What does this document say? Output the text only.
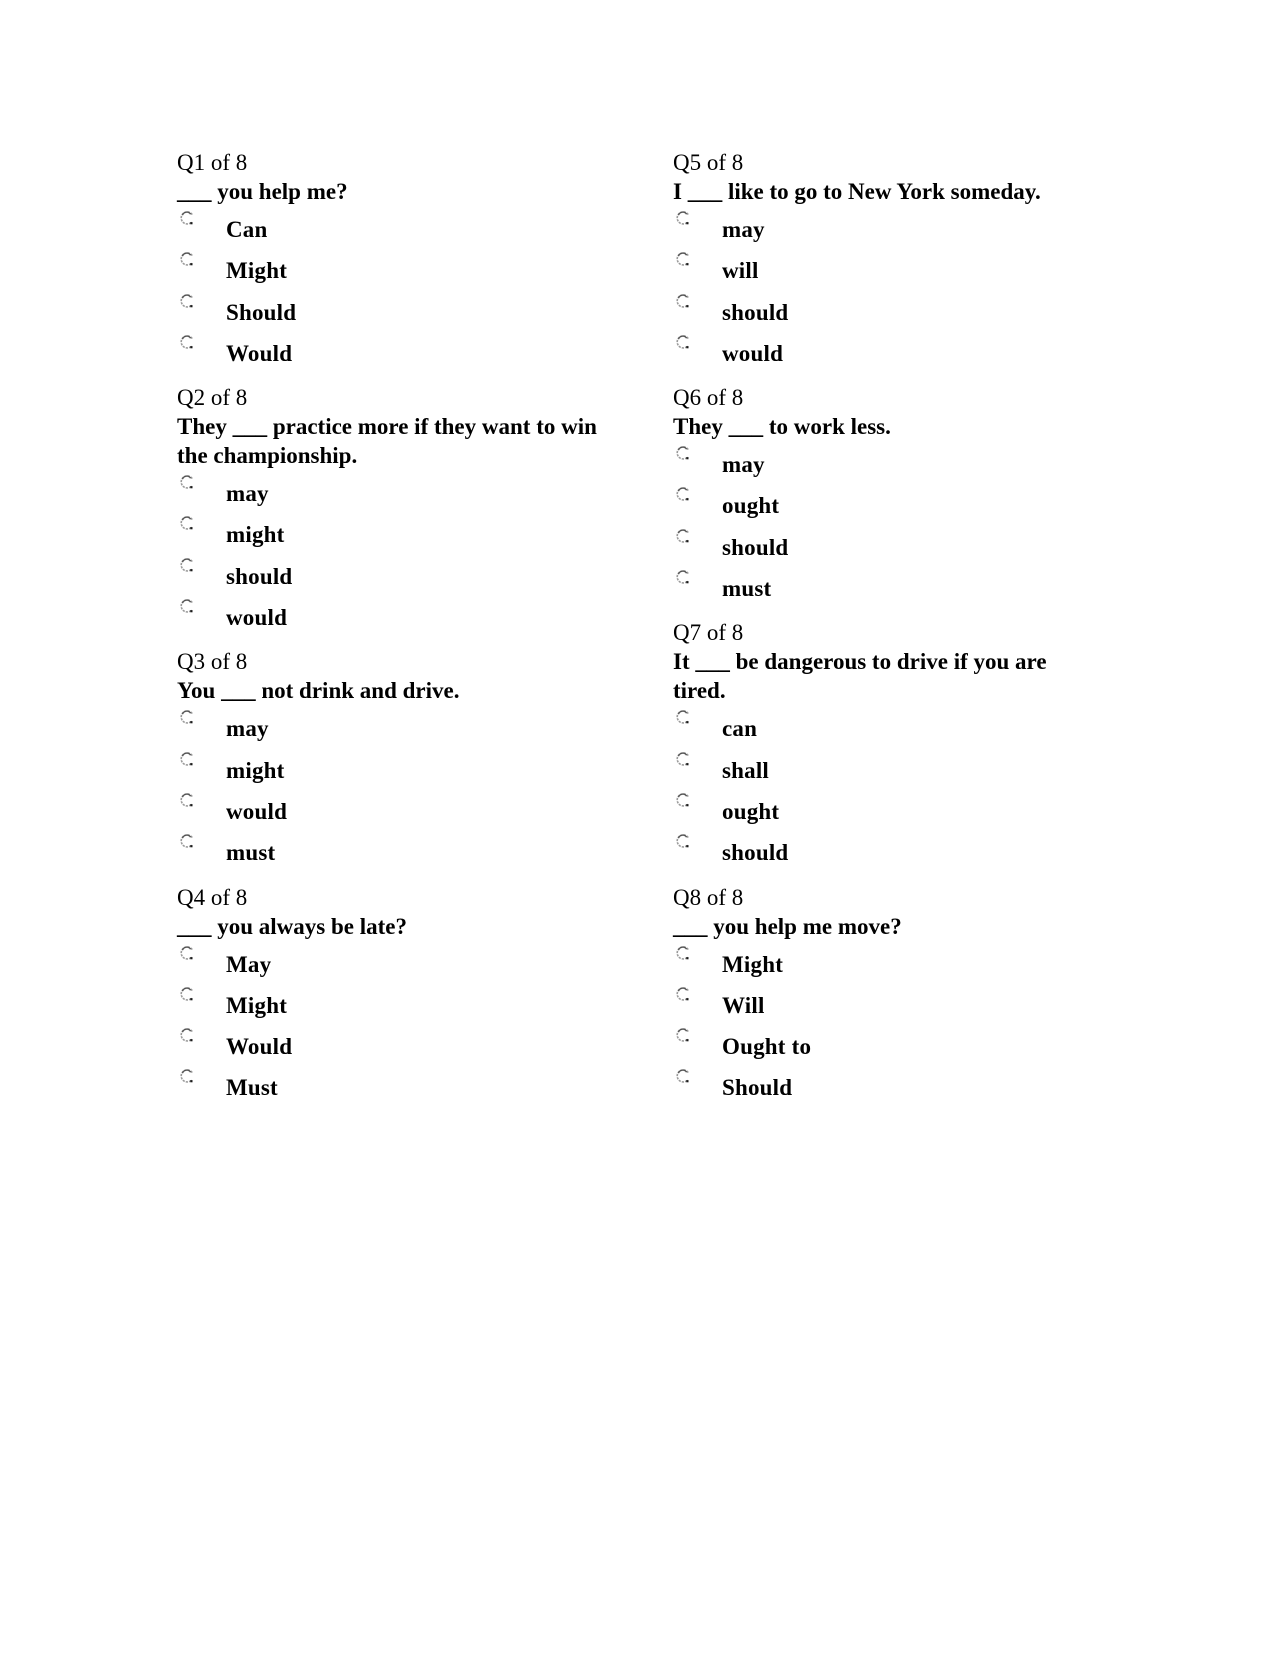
Q1 of 8
___ you help me?
Can
Might
Should
Would
Q2 of 8
They ___ practice more if they want to win the championship.
may
might
should
would
Q3 of 8
You ___ not drink and drive.
may
might
would
must
Q4 of 8
___ you always be late?
May
Might
Would
Must
Q5 of 8
I ___ like to go to New York someday.
may
will
should
would
Q6 of 8
They ___ to work less.
may
ought
should
must
Q7 of 8
It ___ be dangerous to drive if you are tired.
can
shall
ought
should
Q8 of 8
___ you help me move?
Might
Will
Ought to
Should
